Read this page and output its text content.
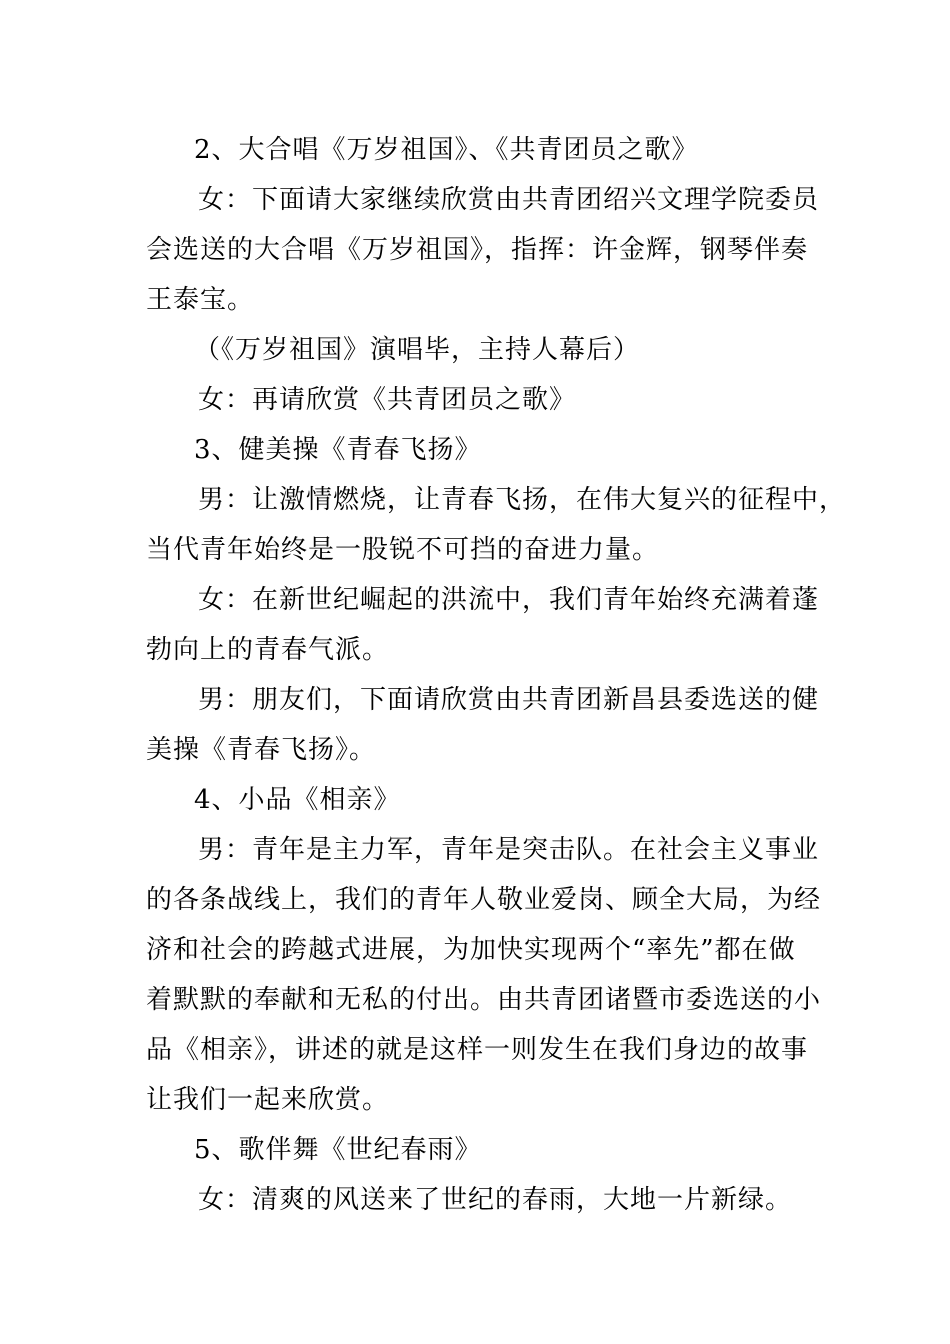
2、大合唱《万岁祖国》、《共青团员之歌》
女：下面请大家继续欣赏由共青团绍兴文理学院委员
会选送的大合唱《万岁祖国》，指挥：许金辉，钢琴伴奏
王泰宝。
（《万岁祖国》演唱毕，主持人幕后）
女：再请欣赏《共青团员之歌》
3、健美操《青春飞扬》
男：让激情燃烧，让青春飞扬，在伟大复兴的征程中，
当代青年始终是一股锐不可挡的奋进力量。
女：在新世纪崛起的洪流中，我们青年始终充满着蓬
勃向上的青春气派。
男：朋友们，下面请欣赏由共青团新昌县委选送的健
美操《青春飞扬》。
4、小品《相亲》
男：青年是主力军，青年是突击队。在社会主义事业
的各条战线上，我们的青年人敬业爱岗、顾全大局，为经
济和社会的跨越式进展，为加快实现两个“率先”都在做
着默默的奉献和无私的付出。由共青团诸暨市委选送的小
品《相亲》，讲述的就是这样一则发生在我们身边的故事
让我们一起来欣赏。
5、歌伴舞《世纪春雨》
女：清爽的风送来了世纪的春雨，大地一片新绿。
